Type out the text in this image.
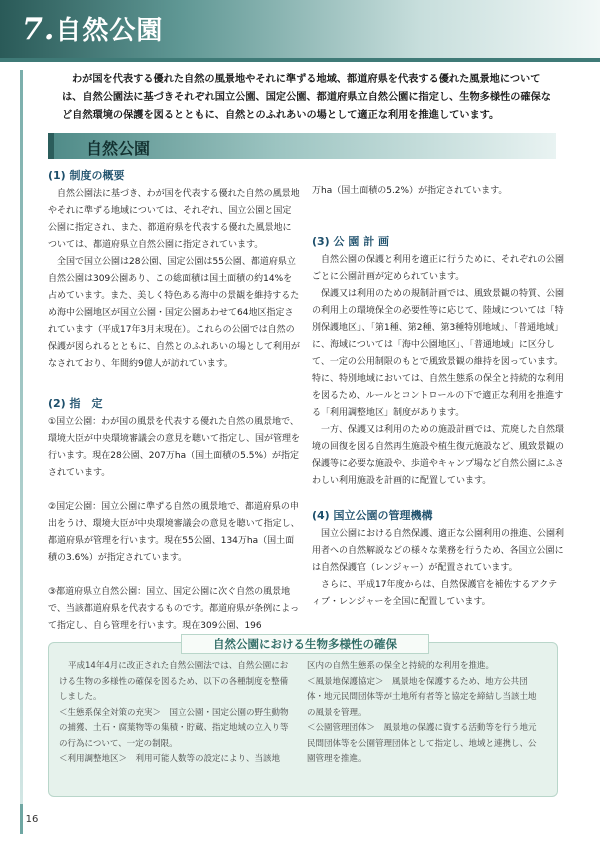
7.自然公園
わが国を代表する優れた自然の風景地やそれに準ずる地域、都道府県を代表する優れた風景地については、自然公園法に基づきそれぞれ国立公園、国定公園、都道府県立自然公園に指定し、生物多様性の確保など自然環境の保護を図るとともに、自然とのふれあいの場として適正な利用を推進しています。
自然公園

(1) 制度の概要

自然公園法に基づき、わが国を代表する優れた自然の風景地やそれに準ずる地域については、それぞれ、国立公園と国定公園に指定され、また、都道府県を代表する優れた風景地については、都道府県立自然公園に指定されています。

全国で国立公園は28公園、国定公園は55公園、都道府県立自然公園は309公園あり、この総面積は国土面積の約14%を占めています。また、美しく特色ある海中の景観を維持するため海中公園地区が国立公園・国定公園あわせて64地区指定されています（平成17年3月末現在）。これらの公園では自然の保護が図られるとともに、自然とのふれあいの場として利用がなされており、年間約9億人が訪れています。

(2) 指　定

①国立公園：わが国の風景を代表する優れた自然の風景地で、環境大臣が中央環境審議会の意見を聴いて指定し、国が管理を行います。現在28公園、207万ha（国土面積の5.5%）が指定されています。

②国定公園：国立公園に準ずる自然の風景地で、都道府県の申出をうけ、環境大臣が中央環境審議会の意見を聴いて指定し、都道府県が管理を行います。現在55公園、134万ha（国土面積の3.6%）が指定されています。

③都道府県立自然公園：国立、国定公園に次ぐ自然の風景地で、当該都道府県を代表するものです。都道府県が条例によって指定し、自ら管理を行います。現在309公園、196

万ha（国土面積の5.2%）が指定されています。

(3) 公 園 計 画

自然公園の保護と利用を適正に行うために、それぞれの公園ごとに公園計画が定められています。

保護又は利用のための規制計画では、風致景観の特質、公園の利用上の環境保全の必要性等に応じて、陸域については「特別保護地区」、「第1種、第2種、第3種特別地域」、「普通地域」に、海域については「海中公園地区」、「普通地域」に区分して、一定の公用制限のもとで風致景観の維持を図っています。特に、特別地域においては、自然生態系の保全と持続的な利用を図るため、ルールとコントロールの下で適正な利用を推進する「利用調整地区」制度があります。

一方、保護又は利用のための施設計画では、荒廃した自然環境の回復を図る自然再生施設や植生復元施設など、風致景観の保護等に必要な施設や、歩道やキャンプ場など自然公園にふさわしい利用施設を計画的に配置しています。

(4) 国立公園の管理機構

国立公園における自然保護、適正な公園利用の推進、公園利用者への自然解説などの様々な業務を行うため、各国立公園には自然保護官（レンジャー）が配置されています。

さらに、平成17年度からは、自然保護官を補佐するアクティブ・レンジャーを全国に配置しています。

自然公園における生物多様性の確保

平成14年4月に改正された自然公園法では、自然公園における生物の多様性の確保を図るため、以下の各種制度を整備しました。

＜生態系保全対策の充実＞　国立公園・国定公園の野生動物の捕獲、土石・腐葉物等の集積・貯蔵、指定地域の立入り等の行為について、一定の制限。

＜利用調整地区＞　利用可能人数等の設定により、当該地

区内の自然生態系の保全と持続的な利用を推進。

＜風景地保護協定＞　風景地を保護するため、地方公共団体・地元民間団体等が土地所有者等と協定を締結し当該土地の風景を管理。

＜公園管理団体＞　風景地の保護に資する活動等を行う地元民間団体等を公園管理団体として指定し、地域と連携し、公園管理を推進。

16
